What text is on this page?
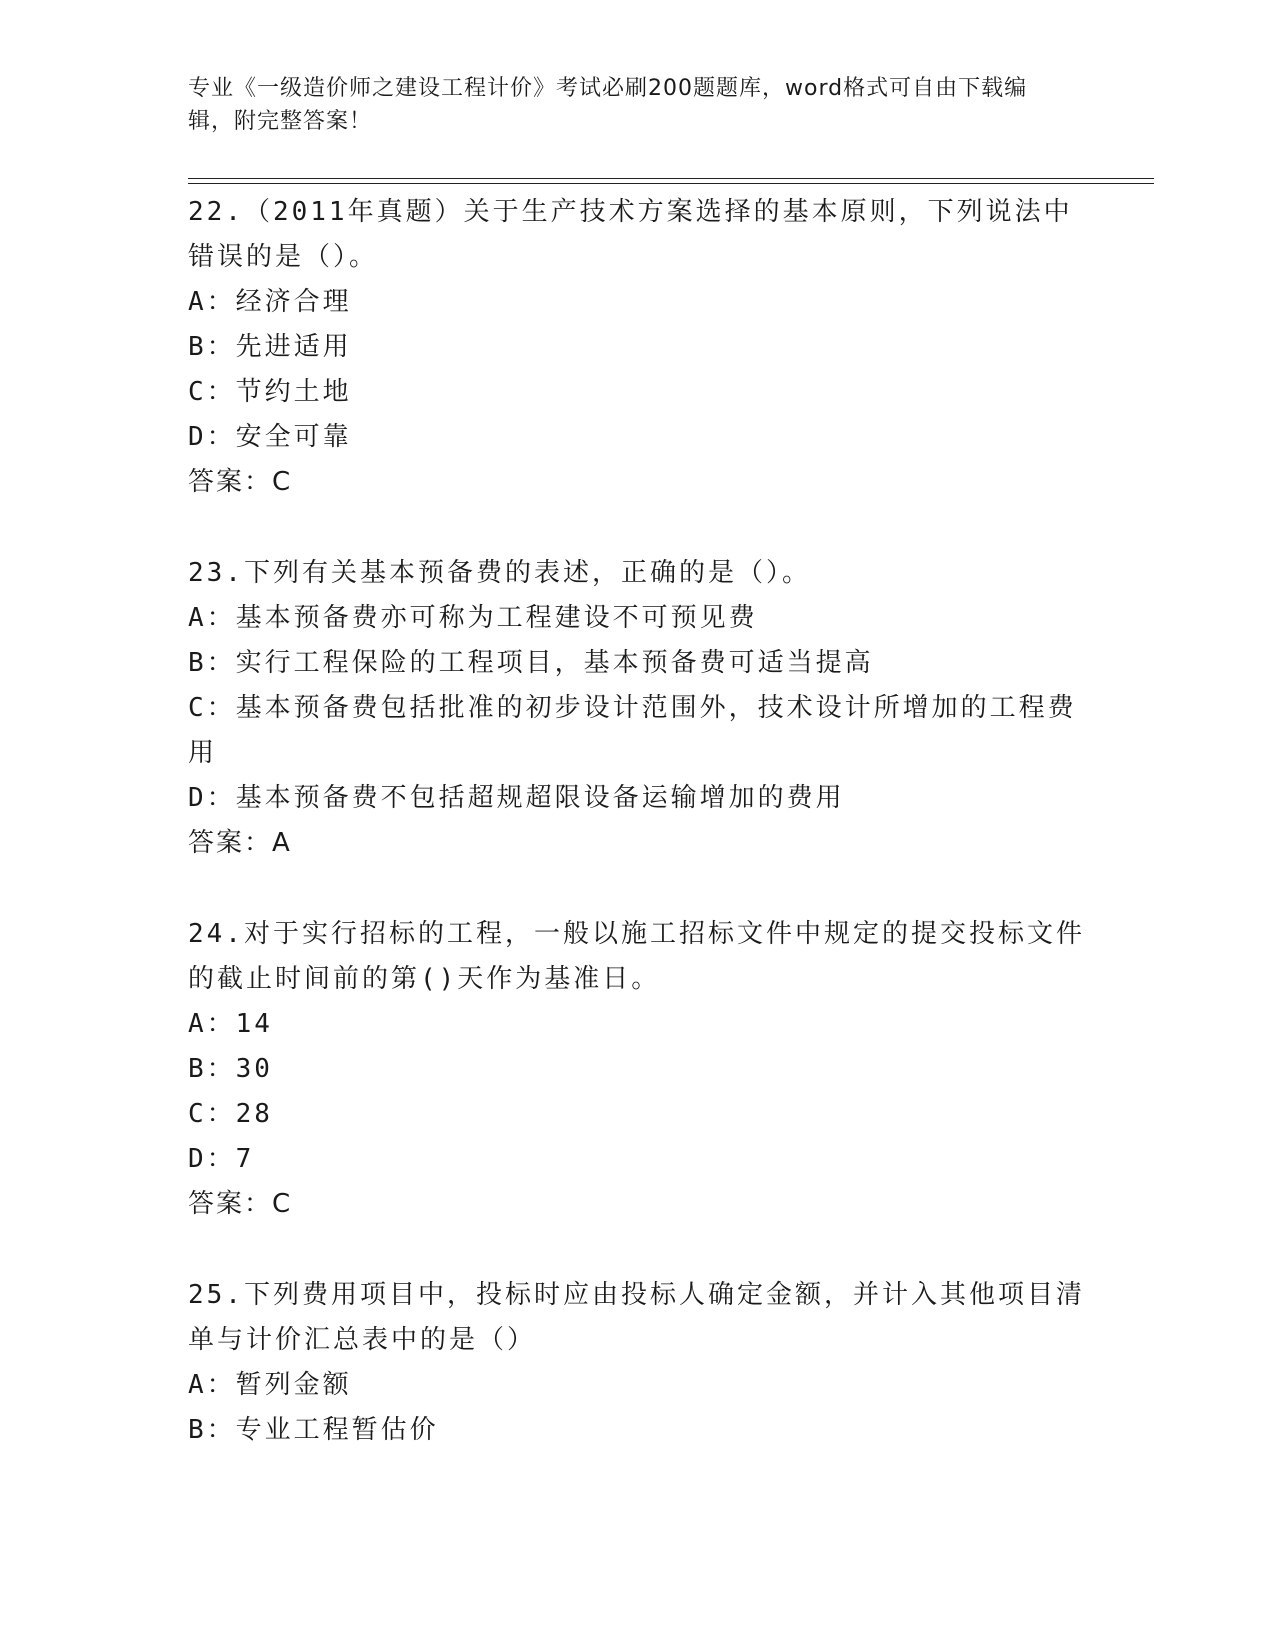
专业《一级造价师之建设工程计价》考试必刷200题题库，word格式可自由下载编辑，附完整答案！

22.（2011年真题）关于生产技术方案选择的基本原则，下列说法中错误的是（）。

A：经济合理

B：先进适用

C：节约土地

D：安全可靠

答案：C

23.下列有关基本预备费的表述，正确的是（）。

A：基本预备费亦可称为工程建设不可预见费

B：实行工程保险的工程项目，基本预备费可适当提高

C：基本预备费包括批准的初步设计范围外，技术设计所增加的工程费用

D：基本预备费不包括超规超限设备运输增加的费用

答案：A

24.对于实行招标的工程，一般以施工招标文件中规定的提交投标文件的截止时间前的第()天作为基准日。

A：14

B：30

C：28

D：7

答案：C

25.下列费用项目中，投标时应由投标人确定金额，并计入其他项目清单与计价汇总表中的是（）

A：暂列金额

B：专业工程暂估价
